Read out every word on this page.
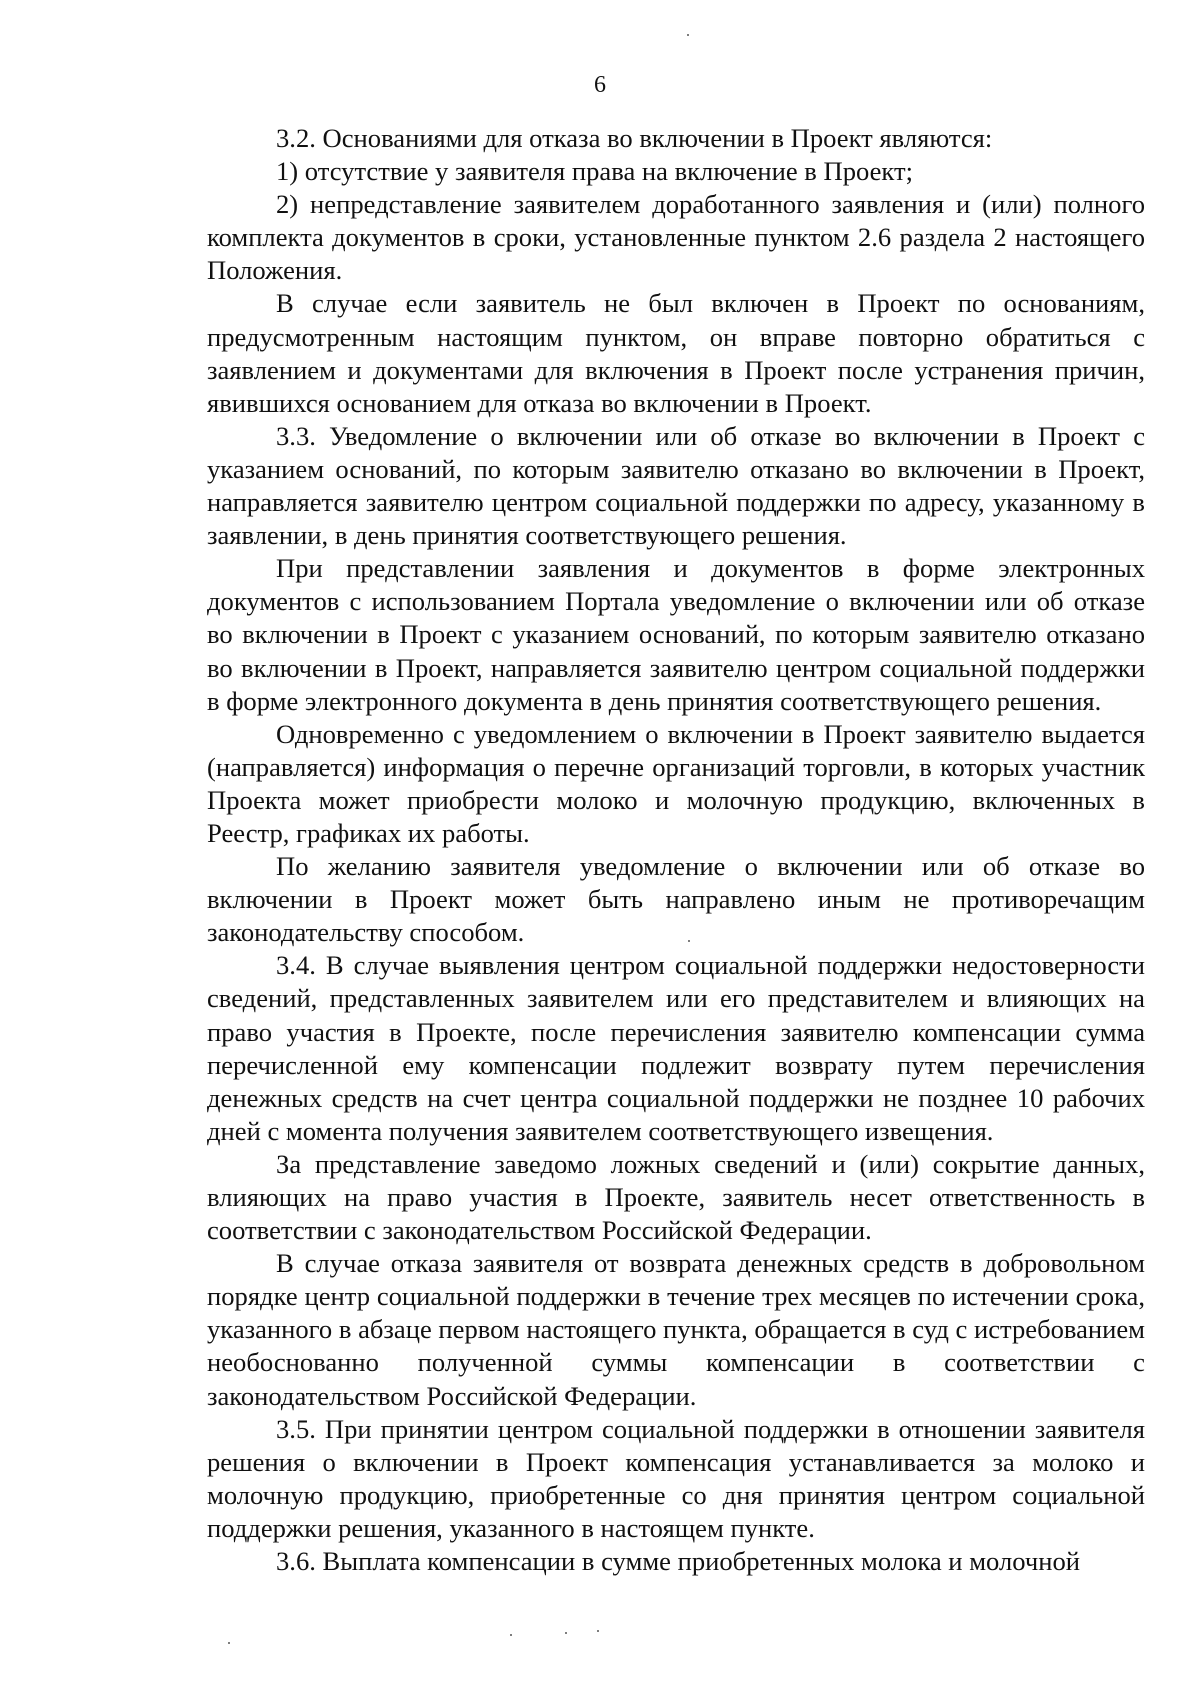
6

3.2. Основаниями для отказа во включении в Проект являются:

1) отсутствие у заявителя права на включение в Проект;

2) непредставление заявителем доработанного заявления и (или) полного комплекта документов в сроки, установленные пунктом 2.6 раздела 2 настоящего Положения.

В случае если заявитель не был включен в Проект по основаниям, предусмотренным настоящим пунктом, он вправе повторно обратиться с заявлением и документами для включения в Проект после устранения причин, явившихся основанием для отказа во включении в Проект.

3.3. Уведомление о включении или об отказе во включении в Проект с указанием оснований, по которым заявителю отказано во включении в Проект, направляется заявителю центром социальной поддержки по адресу, указанному в заявлении, в день принятия соответствующего решения.

При представлении заявления и документов в форме электронных документов с использованием Портала уведомление о включении или об отказе во включении в Проект с указанием оснований, по которым заявителю отказано во включении в Проект, направляется заявителю центром социальной поддержки в форме электронного документа в день принятия соответствующего решения.

Одновременно с уведомлением о включении в Проект заявителю выдается (направляется) информация о перечне организаций торговли, в которых участник Проекта может приобрести молоко и молочную продукцию, включенных в Реестр, графиках их работы.

По желанию заявителя уведомление о включении или об отказе во включении в Проект может быть направлено иным не противоречащим законодательству способом.

3.4. В случае выявления центром социальной поддержки недостоверности сведений, представленных заявителем или его представителем и влияющих на право участия в Проекте, после перечисления заявителю компенсации сумма перечисленной ему компенсации подлежит возврату путем перечисления денежных средств на счет центра социальной поддержки не позднее 10 рабочих дней с момента получения заявителем соответствующего извещения.

За представление заведомо ложных сведений и (или) сокрытие данных, влияющих на право участия в Проекте, заявитель несет ответственность в соответствии с законодательством Российской Федерации.

В случае отказа заявителя от возврата денежных средств в добровольном порядке центр социальной поддержки в течение трех месяцев по истечении срока, указанного в абзаце первом настоящего пункта, обращается в суд с истребованием необоснованно полученной суммы компенсации в соответствии с законодательством Российской Федерации.

3.5. При принятии центром социальной поддержки в отношении заявителя решения о включении в Проект компенсация устанавливается за молоко и молочную продукцию, приобретенные со дня принятия центром социальной поддержки решения, указанного в настоящем пункте.

3.6. Выплата компенсации в сумме приобретенных молока и молочной
